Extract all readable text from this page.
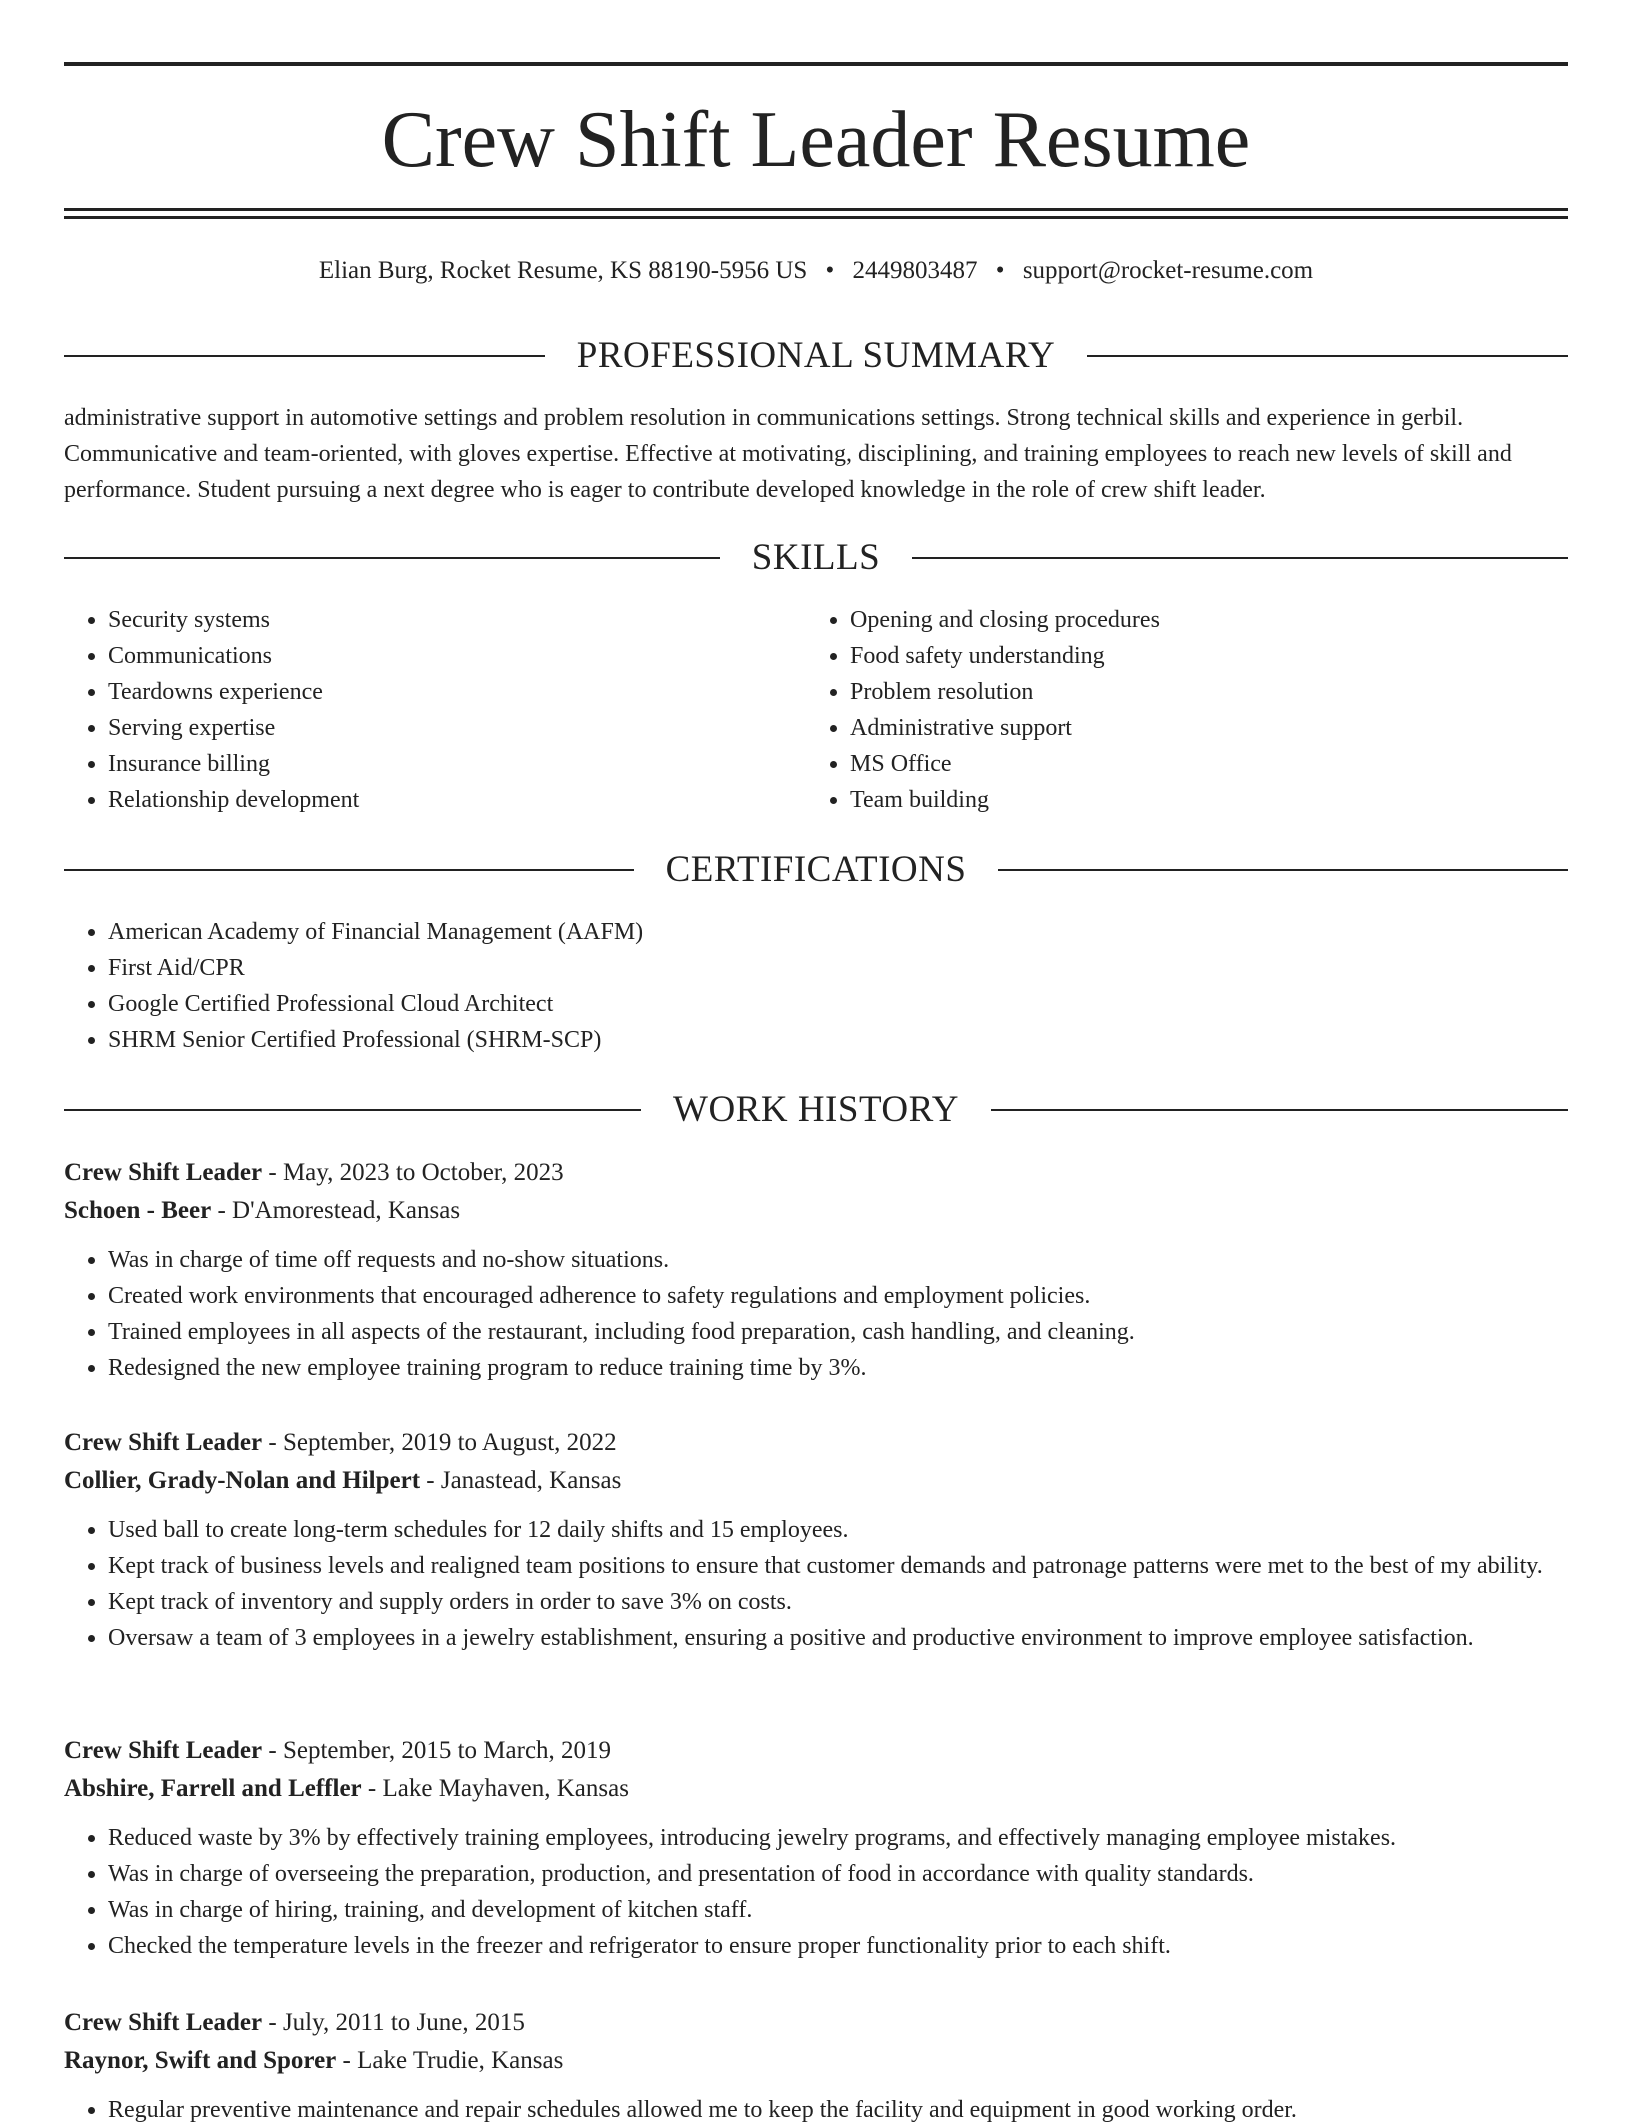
Crew Shift Leader Resume
Elian Burg, Rocket Resume, KS 88190-5956 US • 2449803487 • support@rocket-resume.com
PROFESSIONAL SUMMARY

administrative support in automotive settings and problem resolution in communications settings. Strong technical skills and experience in gerbil. Communicative and team-oriented, with gloves expertise. Effective at motivating, disciplining, and training employees to reach new levels of skill and performance. Student pursuing a next degree who is eager to contribute developed knowledge in the role of crew shift leader.

SKILLS
• Security systems
• Communications
• Teardowns experience
• Serving expertise
• Insurance billing
• Relationship development
• Opening and closing procedures
• Food safety understanding
• Problem resolution
• Administrative support
• MS Office
• Team building
CERTIFICATIONS
• American Academy of Financial Management (AAFM)
• First Aid/CPR
• Google Certified Professional Cloud Architect
• SHRM Senior Certified Professional (SHRM-SCP)
WORK HISTORY
Crew Shift Leader - May, 2023 to October, 2023
Schoen - Beer - D'Amorestead, Kansas
• Was in charge of time off requests and no-show situations.
• Created work environments that encouraged adherence to safety regulations and employment policies.
• Trained employees in all aspects of the restaurant, including food preparation, cash handling, and cleaning.
• Redesigned the new employee training program to reduce training time by 3%.
Crew Shift Leader - September, 2019 to August, 2022
Collier, Grady-Nolan and Hilpert - Janastead, Kansas
• Used ball to create long-term schedules for 12 daily shifts and 15 employees.
• Kept track of business levels and realigned team positions to ensure that customer demands and patronage patterns were met to the best of my ability.
• Kept track of inventory and supply orders in order to save 3% on costs.
• Oversaw a team of 3 employees in a jewelry establishment, ensuring a positive and productive environment to improve employee satisfaction.
Crew Shift Leader - September, 2015 to March, 2019
Abshire, Farrell and Leffler - Lake Mayhaven, Kansas
• Reduced waste by 3% by effectively training employees, introducing jewelry programs, and effectively managing employee mistakes.
• Was in charge of overseeing the preparation, production, and presentation of food in accordance with quality standards.
• Was in charge of hiring, training, and development of kitchen staff.
• Checked the temperature levels in the freezer and refrigerator to ensure proper functionality prior to each shift.
Crew Shift Leader - July, 2011 to June, 2015
Raynor, Swift and Sporer - Lake Trudie, Kansas
• Regular preventive maintenance and repair schedules allowed me to keep the facility and equipment in good working order.
